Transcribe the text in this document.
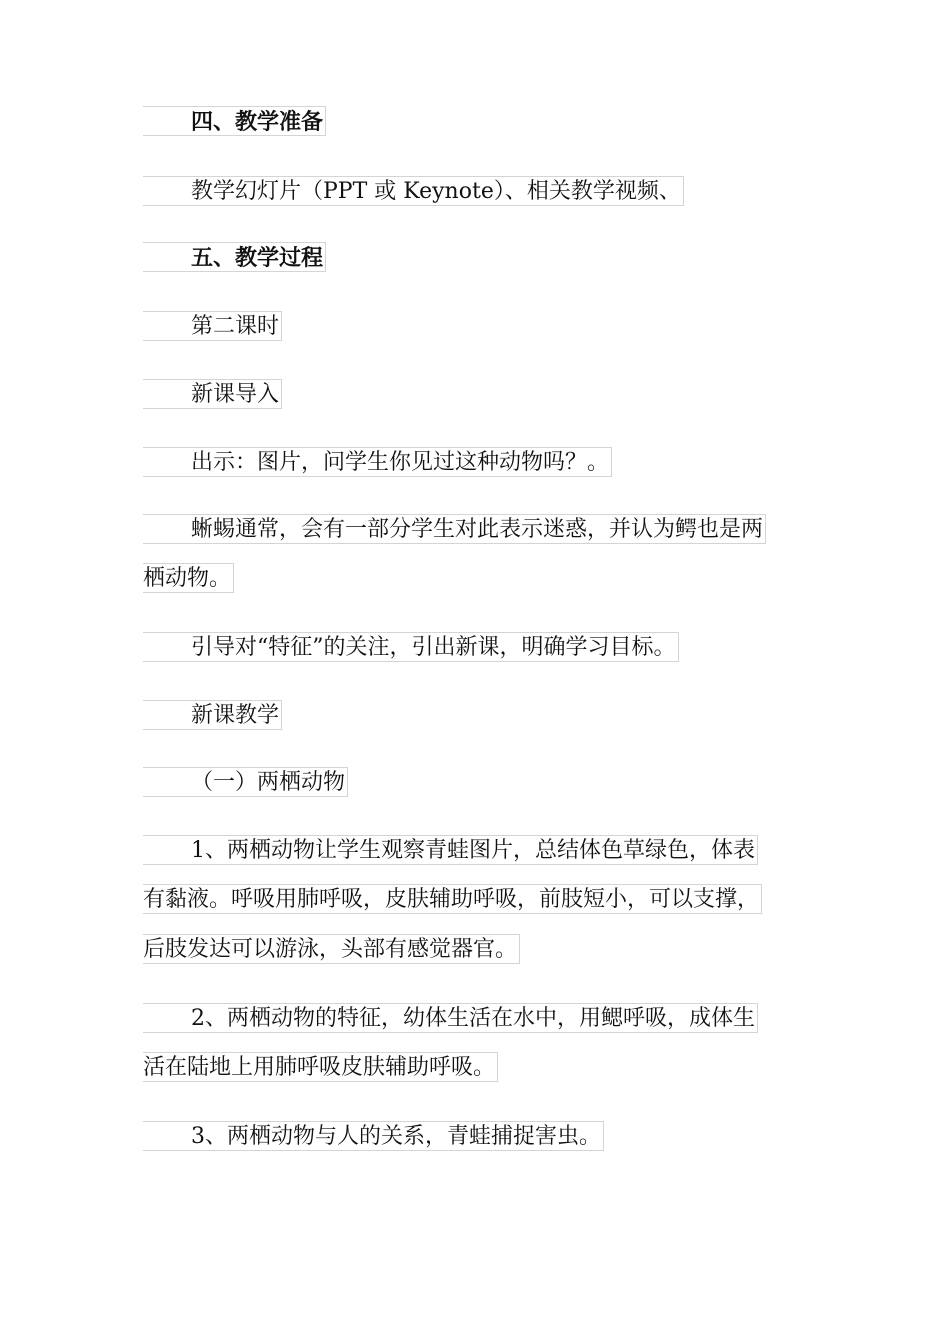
四、教学准备
教学幻灯片（PPT 或 Keynote）、相关教学视频、
五、教学过程
第二课时
新课导入
出示：图片，问学生你见过这种动物吗？。
蜥蜴通常，会有一部分学生对此表示迷惑，并认为鳄也是两
栖动物。
引导对“特征”的关注，引出新课，明确学习目标。
新课教学
（一）两栖动物
1、两栖动物让学生观察青蛙图片，总结体色草绿色，体表
有黏液。呼吸用肺呼吸，皮肤辅助呼吸，前肢短小，可以支撑，
后肢发达可以游泳，头部有感觉器官。
2、两栖动物的特征，幼体生活在水中，用鳃呼吸，成体生
活在陆地上用肺呼吸皮肤辅助呼吸。
3、两栖动物与人的关系，青蛙捕捉害虫。
